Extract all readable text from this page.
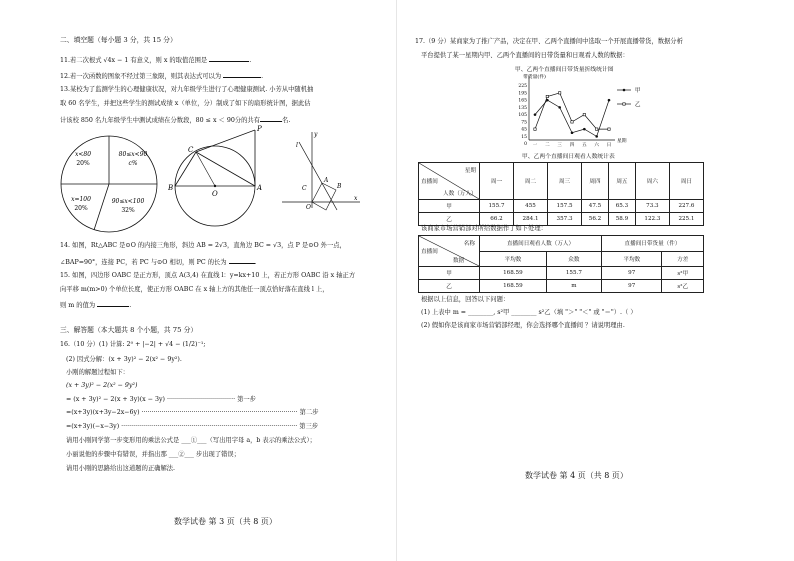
二、填空题（每小题 3 分，共 15 分）
11.若二次根式 √4x − 1 有意义，则 x 的取值范围是	.
12.若一次函数的图象不经过第三象限，则其表达式可以为	.
13.某校为了监测学生的心理健康状况，对九年级学生进行了心理健康测试. 小芳从中随机抽
取 60 名学生，并把这些学生的测试成绩 x（单位，分）制成了如下的扇形统计图，据此估
计该校 850 名九年级学生中测试成绩在分数段，80 ≤ x ＜ 90分的共有	名.
x<80
20%
80≤x<90
c%
x=100
20%
90≤x<100
32%
P
C
B
O
A
y
x
O
l
A
C	B
14. 如图，Rt△ABC 是⊙O 的内接三角形，斜边 AB = 2√3，直角边 BC = √3，点 P 是⊙O 外一点，
∠BAP=90°，连接 PC，若 PC 与⊙O 相切，则 PC 的长为	.
15. 如图，四边形 OABC 是正方形，顶点 A(3,4) 在直线 l：y=kx+10 上，若正方形 OABC 沿 x 轴正方
向平移 m(m>0) 个单位长度，使正方形 OABC 在 x 轴上方的其他任一顶点恰好落在直线 l 上，
则 m 的值为	.
三、解答题（本大题共 8 个小题，共 75 分）
16.（10 分）(1) 计算: 2⁰ + |−2| + √4 − (1/2)⁻¹;
(2) 因式分解：(x + 3y)² − 2(x² − 9y²).
小刚的解题过程如下：
(x + 3y)² − 2(x² − 9y²)
= (x + 3y)² − 2(x + 3y)(x − 3y) ·································· 第一步
=(x+3y)(x+3y−2x−6y) ·············································································· 第二步
=(x+3y)(−x−3y) ························································································ 第三步
请用小刚同学第一步变形用的乘法公式是 ___①___（写出用字母 a，b 表示的乘法公式）；
小丽说他的步骤中有错误，并指出那 ___②___ 步出现了错误；
请用小刚的思路给出这道题的正确解法.
数学试卷 第 3 页（共 8 页）
17.（9 分）某商家为了推广产品，决定在甲、乙两个直播间中选取一个开展直播带货，数据分析
平台提供了某一星期内甲、乙两个直播间的日带货量和日观看人数的数据：
甲、乙两个直播间日带货量折线统计图
带货量(件)
星期
15
45
75
105
135
165
195
225
0 一 二 三 四 五 六 日
甲
乙
甲、乙两个直播间日观看人数统计表
星期
直播间
人数（万人）	周一	周二	周三	周四	周五	周六	周日
甲	155.7	455	157.5	47.5	65.3	73.3	227.6
乙	66.2	284.1	357.3	56.2	58.9	122.3	225.1
该商家市场营销部对所给数据作了如下处理：
名称
直播间
数据	直播间日观看人数（万人）		直播间日带货量（件）	
	平均数	众数	平均数	方差
甲	168.59	155.7	97	s²甲
乙	168.59	m	97	s²乙
根据以上信息，回答以下问题：
(1) 上表中 m = ________, s²甲 ________ s²乙（填 "＞" "＜" 或 "＝"）.（ ）
(2) 假如你是该商家市场营销部经理，你会选择哪个直播间 ？请说明理由.
数学试卷 第 4 页（共 8 页）
